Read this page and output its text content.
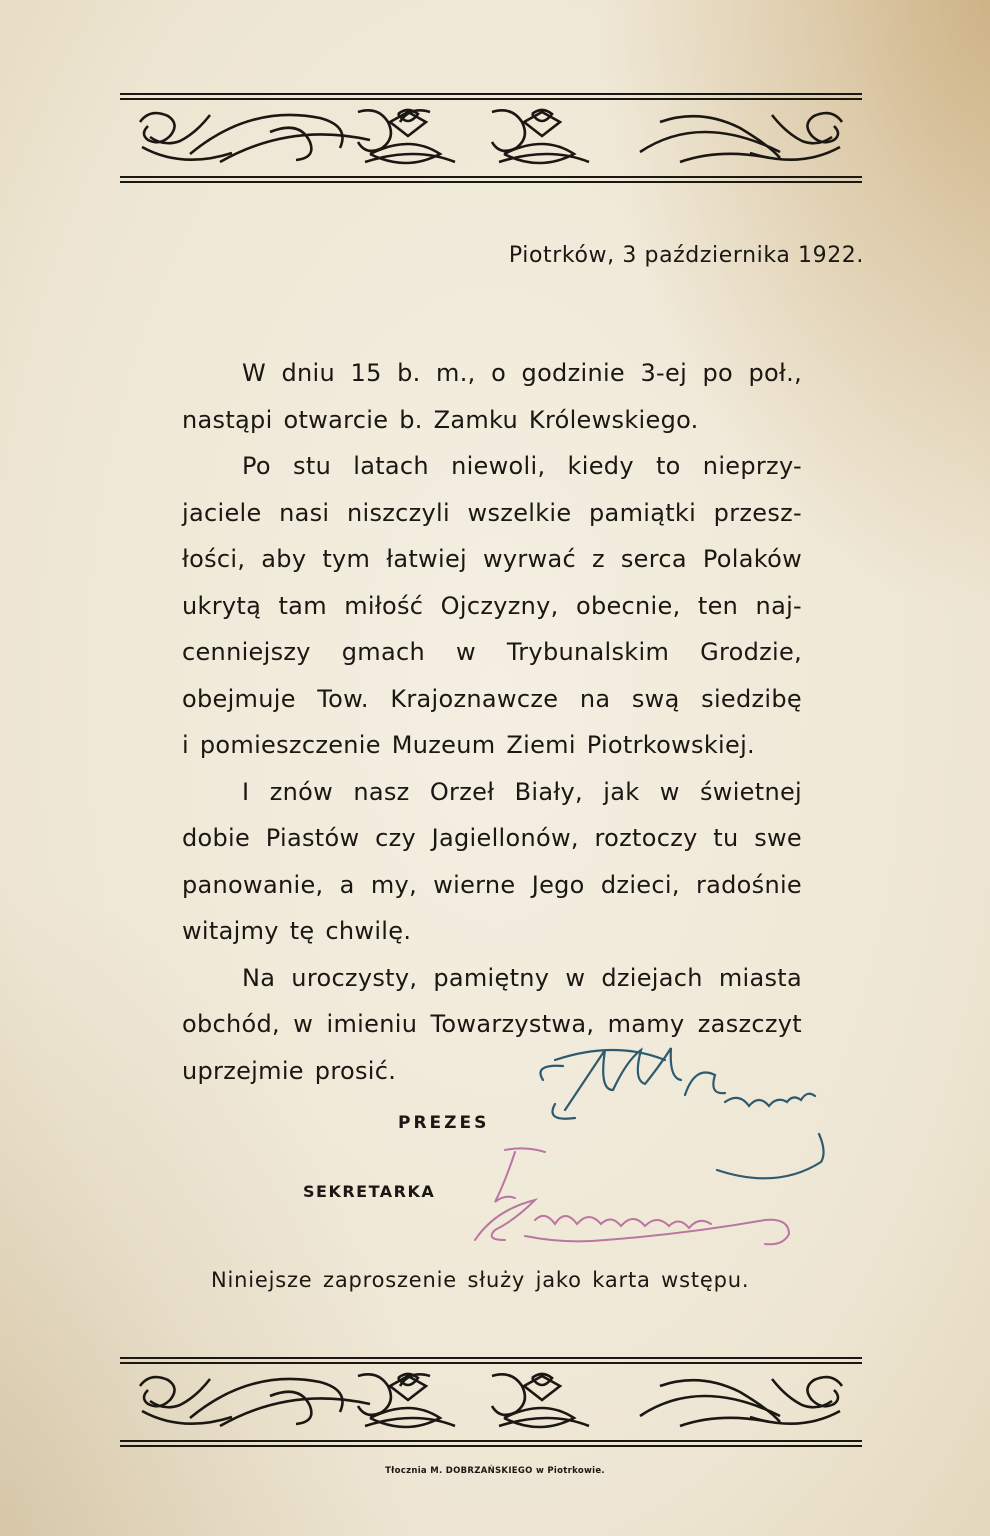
Piotrków, 3 października 1922.

W dniu 15 b. m., o godzinie 3-ej po poł.,

nastąpi otwarcie b. Zamku Królewskiego.

Po stu latach niewoli, kiedy to nieprzy-

jaciele nasi niszczyli wszelkie pamiątki przesz-

łości, aby tym łatwiej wyrwać z serca Polaków

ukrytą tam miłość Ojczyzny, obecnie, ten naj-

cenniejszy gmach w Trybunalskim Grodzie,

obejmuje Tow. Krajoznawcze na swą siedzibę

i pomieszczenie Muzeum Ziemi Piotrkowskiej.

I znów nasz Orzeł Biały, jak w świetnej

dobie Piastów czy Jagiellonów, roztoczy tu swe

panowanie, a my, wierne Jego dzieci, radośnie

witajmy tę chwilę.

Na uroczysty, pamiętny w dziejach miasta

obchód, w imieniu Towarzystwa, mamy zaszczyt

uprzejmie prosić.

PREZES

SEKRETARKA

Niniejsze zaproszenie służy jako karta wstępu.

Tłocznia M. DOBRZAŃSKIEGO w Piotrkowie.
